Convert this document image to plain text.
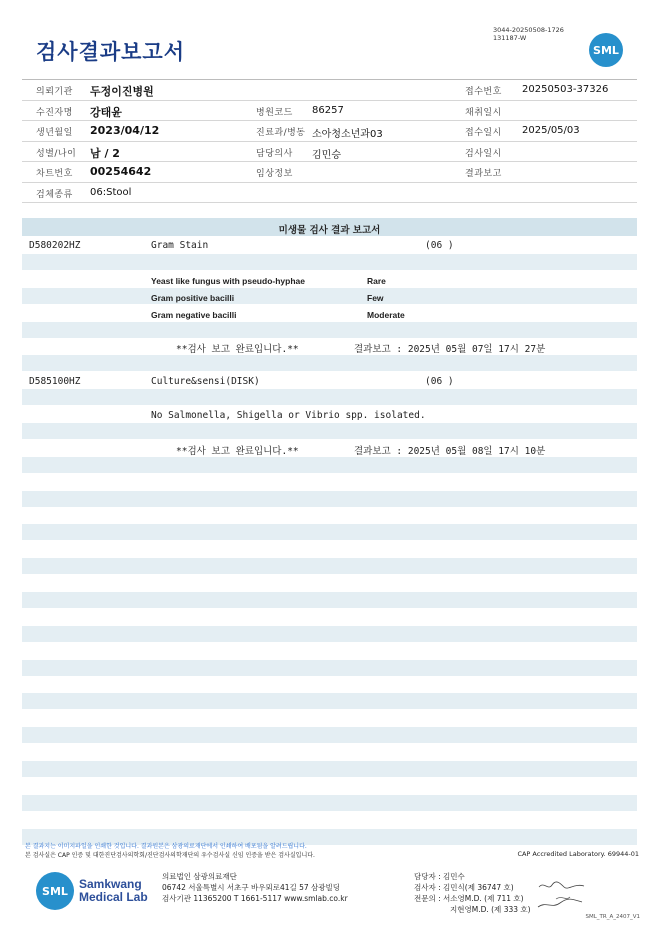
검사결과보고서
3044-20250508-1726
131187-W
SML
의뢰기관 두정이진병원	접수번호 20250503-37326
수진자명 강태윤	병원코드 86257	채취일시
생년월일 2023/04/12	진료과/병동 소아청소년과03	접수일시 2025/05/03
성별/나이 남 / 2	담당의사 김민승	검사일시
차트번호 00254642	임상정보	결과보고
검체종류 06:Stool
미생물 검사 결과 보고서
D580202HZ	Gram Stain	(06 )
Yeast like fungus with pseudo-hyphae	Rare
Gram positive bacilli	Few
Gram negative bacilli	Moderate
**검사 보고 완료입니다.**	결과보고 : 2025년 05월 07일 17시 27분
D585100HZ	Culture&sensi(DISK)	(06 )
No Salmonella, Shigella or Vibrio spp. isolated.
**검사 보고 완료입니다.**	결과보고 : 2025년 05월 08일 17시 10분
본 결과지는 이미지파일을 인쇄한 것입니다. 결과원본은 삼광의료재단에서 인쇄하여 배포됨을 알려드립니다.
본 검사실은 CAP 인증 및 대한진단검사의학회/진단검사의학재단의 우수검사실 신임 인증을 받은 검사실입니다.	CAP Accredited Laboratory. 69944-01
SML Samkwang
Medical Lab
의료법인 삼광의료재단
06742 서울특별시 서초구 바우뫼로41길 57 삼광빌딩
검사기관 11365200 T 1661-5117 www.smlab.co.kr
담당자 : 김민수
검사자 : 김민식(제 36747 호)
전문의 : 서소영M.D. (제 711 호)
지현영M.D. (제 333 호)
SML_TR_A_2407_V1
